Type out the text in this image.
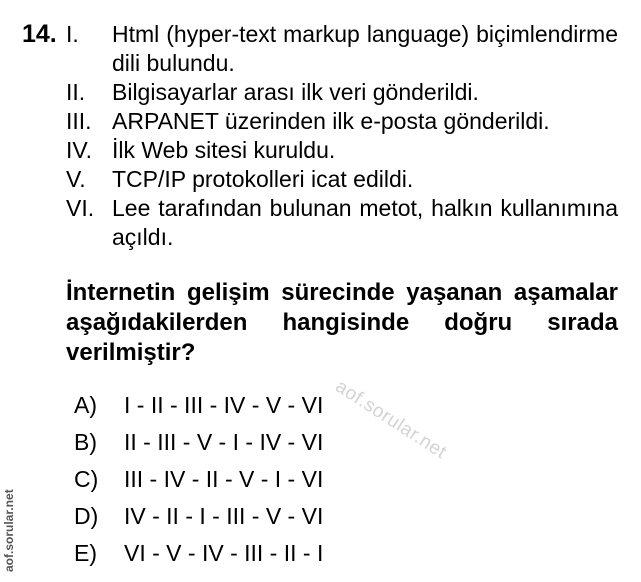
14. I.	Html (hyper-text markup language) biçimlendirme dili bulundu.
II.	Bilgisayarlar arası ilk veri gönderildi.
III. ARPANET üzerinden ilk e-posta gönderildi.
IV. İlk Web sitesi kuruldu.
V.	TCP/IP protokolleri icat edildi.
VI. Lee tarafından bulunan metot, halkın kullanımına açıldı.
İnternetin gelişim sürecinde yaşanan aşamalar aşağıdakilerden hangisinde doğru sırada verilmiştir?
A)	I - II - III - IV - V - VI
B)	II - III - V - I - IV - VI
C)	III - IV - II - V - I - VI
D)	IV - II - I - III - V - VI
E)	VI - V - IV - III - II - I
aof.sorular.net
aof.sorular.net
